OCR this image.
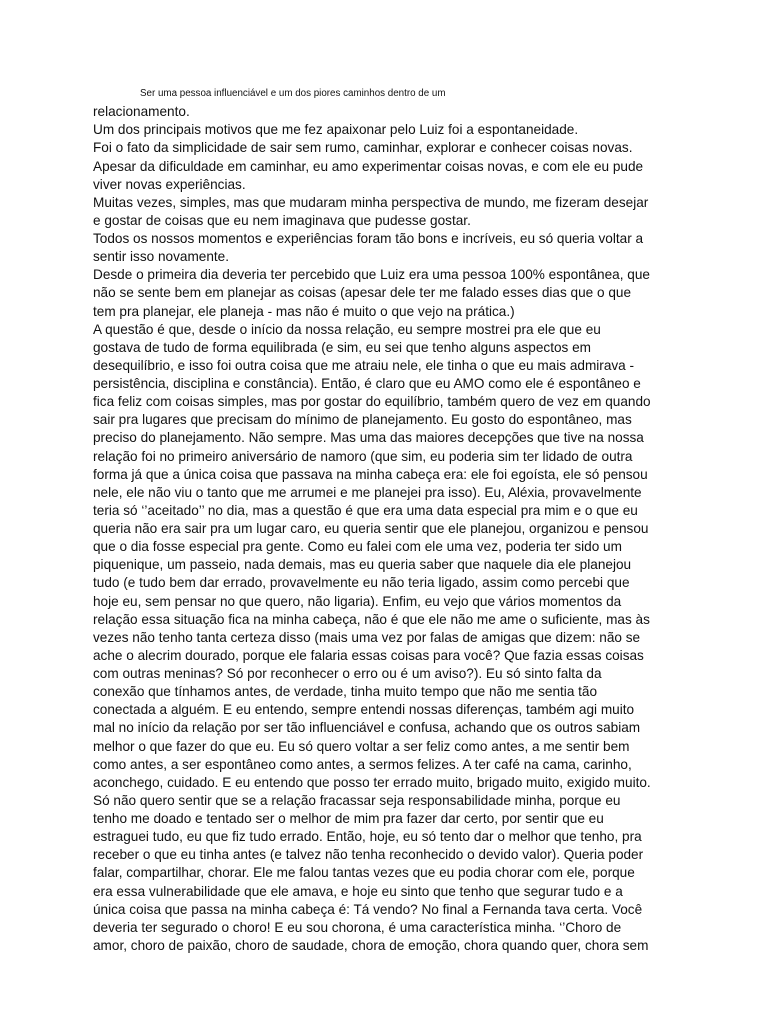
Ser uma pessoa influenciável e um dos piores caminhos dentro de um
relacionamento.
Um dos principais motivos que me fez apaixonar pelo Luiz foi a espontaneidade.
Foi o fato da simplicidade de sair sem rumo, caminhar, explorar e conhecer coisas novas.
Apesar da dificuldade em caminhar, eu amo experimentar coisas novas, e com ele eu pude
viver novas experiências.
Muitas vezes, simples, mas que mudaram minha perspectiva de mundo, me fizeram desejar
e gostar de coisas que eu nem imaginava que pudesse gostar.
Todos os nossos momentos e experiências foram tão bons e incríveis, eu só queria voltar a
sentir isso novamente.
Desde o primeira dia deveria ter percebido que Luiz era uma pessoa 100% espontânea, que
não se sente bem em planejar as coisas (apesar dele ter me falado esses dias que o que
tem pra planejar, ele planeja - mas não é muito o que vejo na prática.)
A questão é que, desde o início da nossa relação, eu sempre mostrei pra ele que eu
gostava de tudo de forma equilibrada (e sim, eu sei que tenho alguns aspectos em
desequilíbrio, e isso foi outra coisa que me atraiu nele, ele tinha o que eu mais admirava -
persistência, disciplina e constância). Então, é claro que eu AMO como ele é espontâneo e
fica feliz com coisas simples, mas por gostar do equilíbrio, também quero de vez em quando
sair pra lugares que precisam do mínimo de planejamento. Eu gosto do espontâneo, mas
preciso do planejamento. Não sempre. Mas uma das maiores decepções que tive na nossa
relação foi no primeiro aniversário de namoro (que sim, eu poderia sim ter lidado de outra
forma já que a única coisa que passava na minha cabeça era: ele foi egoísta, ele só pensou
nele, ele não viu o tanto que me arrumei e me planejei pra isso). Eu, Aléxia, provavelmente
teria só ‘’aceitado’’ no dia, mas a questão é que era uma data especial pra mim e o que eu
queria não era sair pra um lugar caro, eu queria sentir que ele planejou, organizou e pensou
que o dia fosse especial pra gente. Como eu falei com ele uma vez, poderia ter sido um
piquenique, um passeio, nada demais, mas eu queria saber que naquele dia ele planejou
tudo (e tudo bem dar errado, provavelmente eu não teria ligado, assim como percebi que
hoje eu, sem pensar no que quero, não ligaria). Enfim, eu vejo que vários momentos da
relação essa situação fica na minha cabeça, não é que ele não me ame o suficiente, mas às
vezes não tenho tanta certeza disso (mais uma vez por falas de amigas que dizem: não se
ache o alecrim dourado, porque ele falaria essas coisas para você? Que fazia essas coisas
com outras meninas? Só por reconhecer o erro ou é um aviso?). Eu só sinto falta da
conexão que tínhamos antes, de verdade, tinha muito tempo que não me sentia tão
conectada a alguém. E eu entendo, sempre entendi nossas diferenças, também agi muito
mal no início da relação por ser tão influenciável e confusa, achando que os outros sabiam
melhor o que fazer do que eu. Eu só quero voltar a ser feliz como antes, a me sentir bem
como antes, a ser espontâneo como antes, a sermos felizes. A ter café na cama, carinho,
aconchego, cuidado. E eu entendo que posso ter errado muito, brigado muito, exigido muito.
Só não quero sentir que se a relação fracassar seja responsabilidade minha, porque eu
tenho me doado e tentado ser o melhor de mim pra fazer dar certo, por sentir que eu
estraguei tudo, eu que fiz tudo errado. Então, hoje, eu só tento dar o melhor que tenho, pra
receber o que eu tinha antes (e talvez não tenha reconhecido o devido valor). Queria poder
falar, compartilhar, chorar. Ele me falou tantas vezes que eu podia chorar com ele, porque
era essa vulnerabilidade que ele amava, e hoje eu sinto que tenho que segurar tudo e a
única coisa que passa na minha cabeça é: Tá vendo? No final a Fernanda tava certa. Você
deveria ter segurado o choro! E eu sou chorona, é uma característica minha. ‘’Choro de
amor, choro de paixão, choro de saudade, chora de emoção, chora quando quer, chora sem
